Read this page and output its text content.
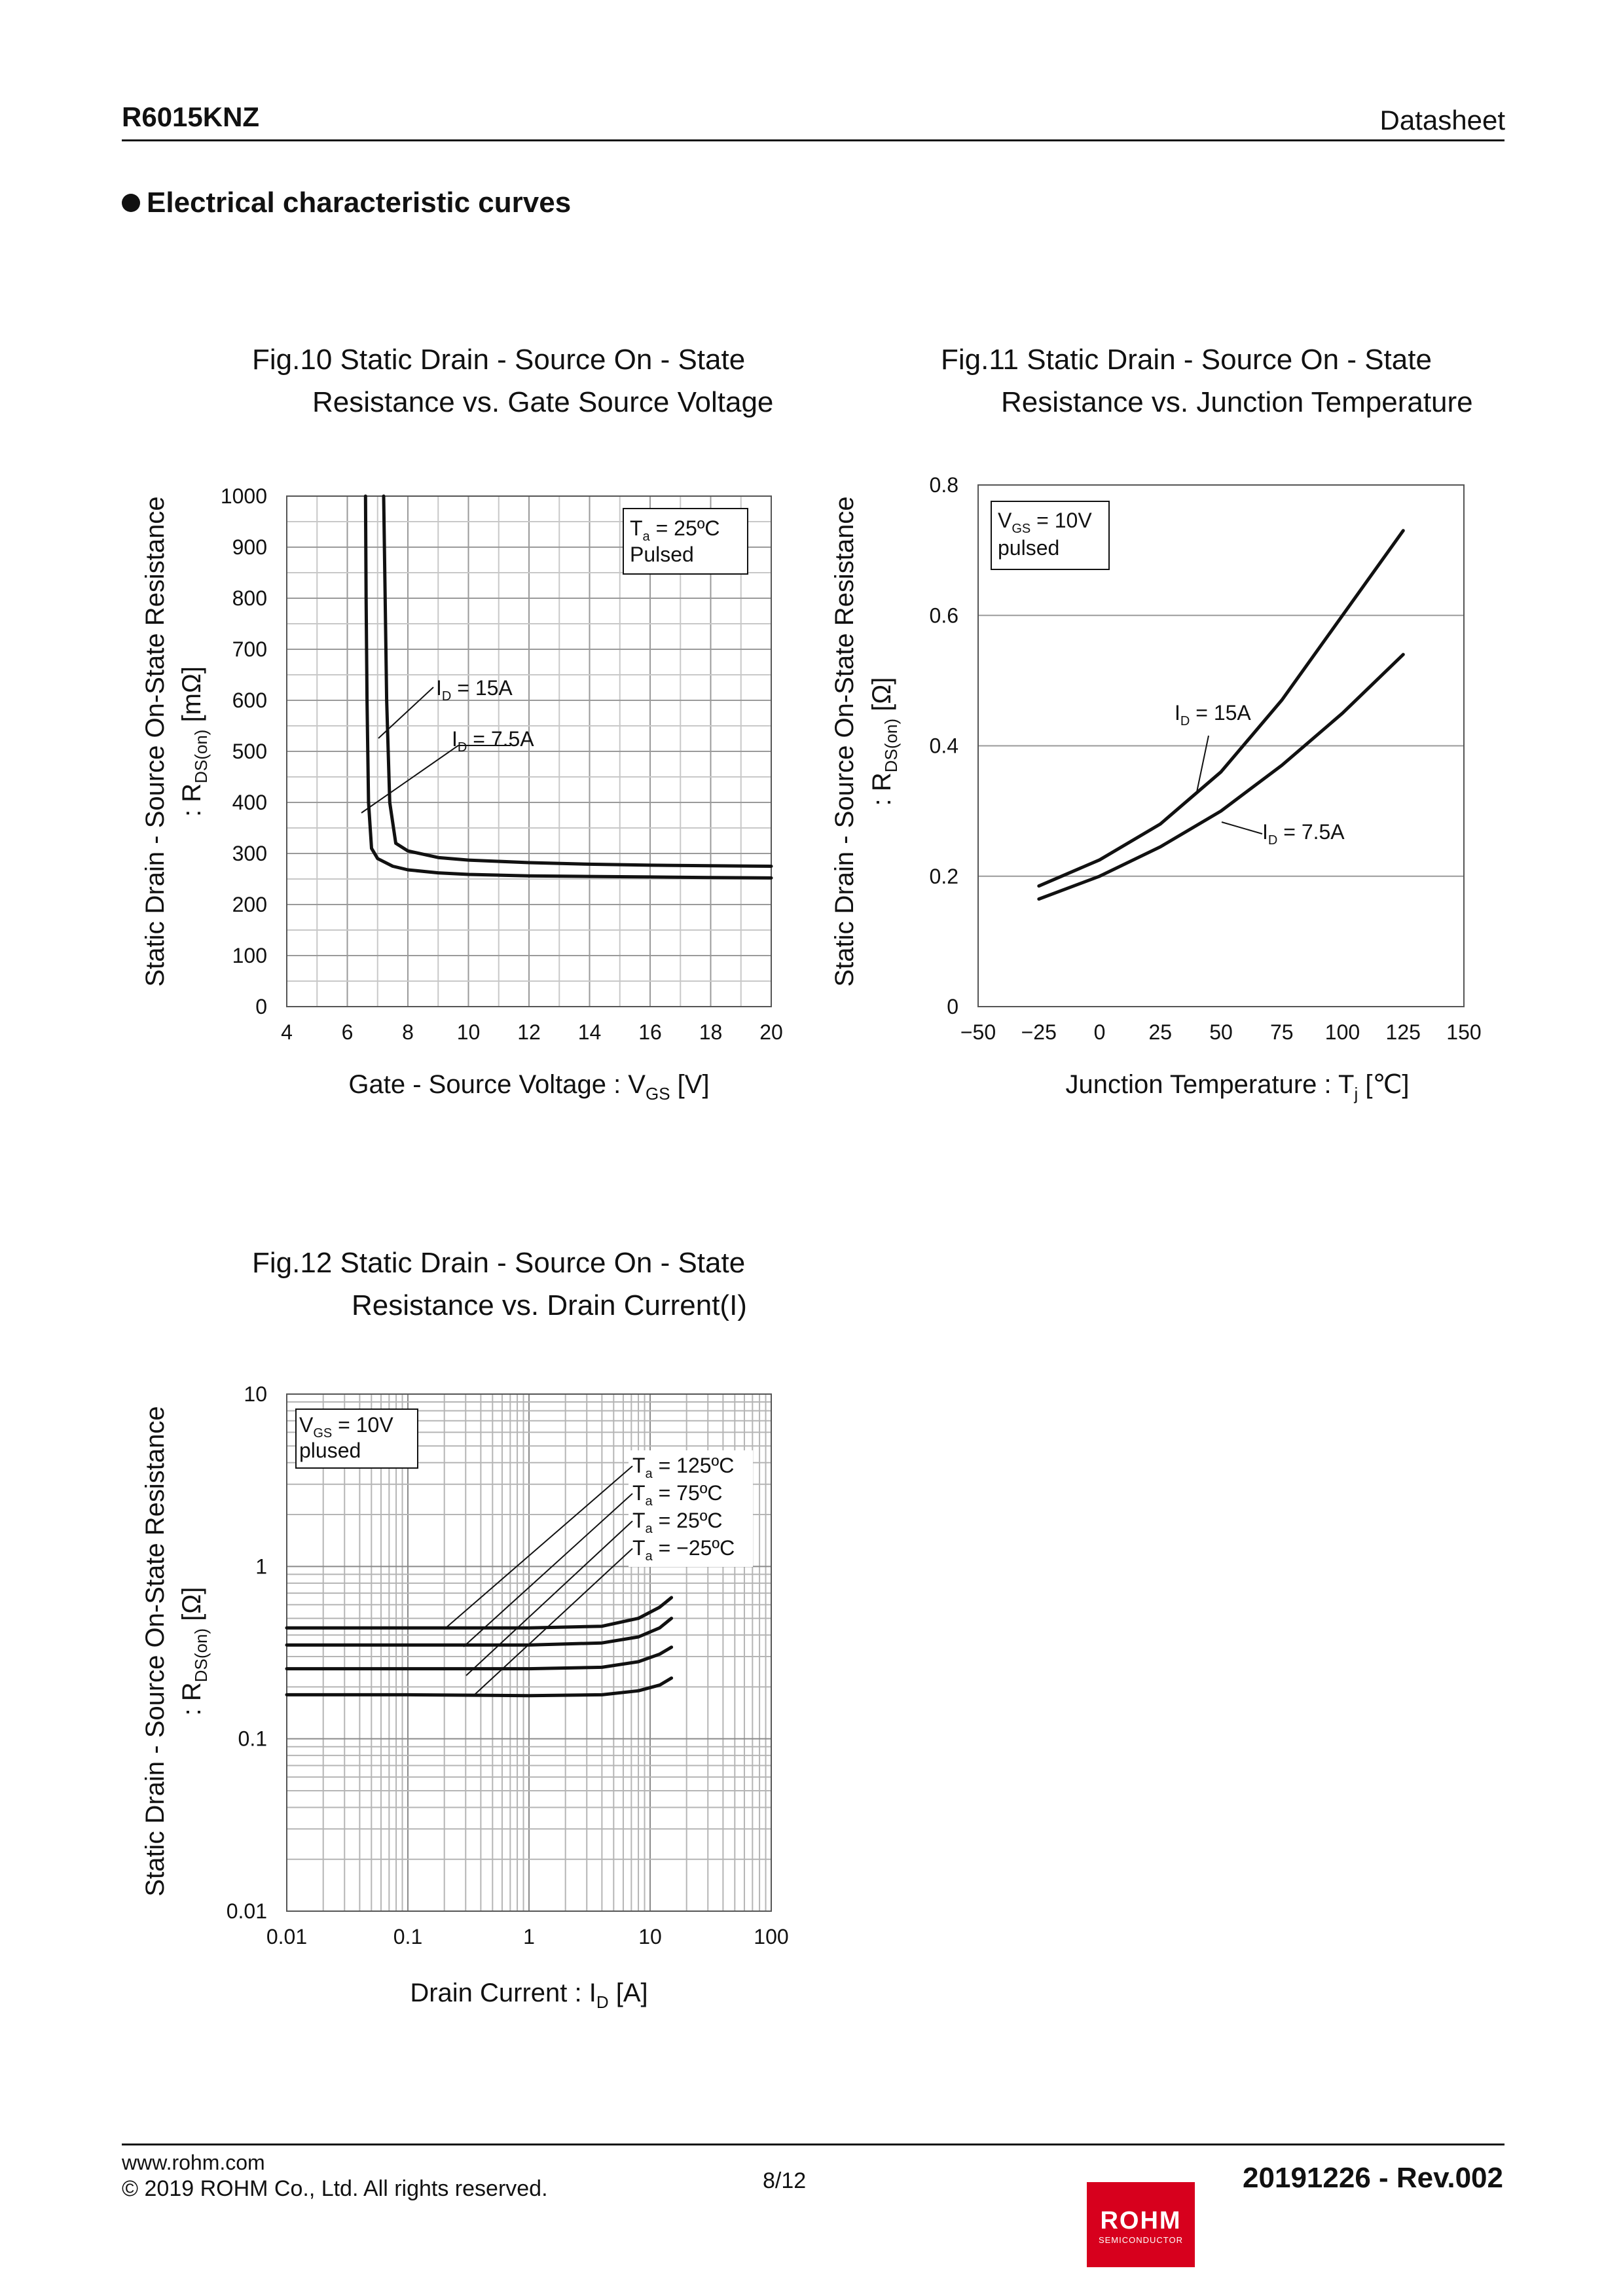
R6015KNZ	Datasheet
Electrical characteristic curves
Fig.10 Static Drain - Source On - State
Resistance vs. Gate Source Voltage
Fig.11 Static Drain - Source On - State
Resistance vs. Junction Temperature
Fig.12 Static Drain - Source On - State
Resistance vs. Drain Current(I)
4 6 8 10 12 14 16 18 20
0
100
200
300
400
500
600
700
800
900
1000
$T_a$ = 25ºC
Pulsed
$I_D = 15A$
$I_D = 7.5A$
Gate - Source Voltage : $V_{GS}$ [V]
Static Drain - Source On-State Resistance : $R_{DS(on)}$ [mΩ]
−50 −25 0 25 50 75 100 125 150
0
0.2
0.4
0.6
0.8
$V_{GS} = 10V$
pulsed
$I_D = 15A$
$I_D = 7.5A$
Junction Temperature : $T_j$ [℃]
Static Drain - Source On-State Resistance : $R_{DS(on)}$ [Ω]
0.01	0.1	1	10	100
0.01
0.1
1
10
$V_{GS} = 10V$
plused
$T_a$ = 125ºC
$T_a$ = 75ºC
$T_a$ = 25ºC
$T_a$ = −25ºC
Drain Current : $I_D$ [A]
Static Drain - Source On-State Resistance : $R_{DS(on)}$ [Ω]
www.rohm.com
© 2019 ROHM Co., Ltd. All rights reserved.	8/12	20191226 - Rev.002
ROHM
SEMICONDUCTOR
